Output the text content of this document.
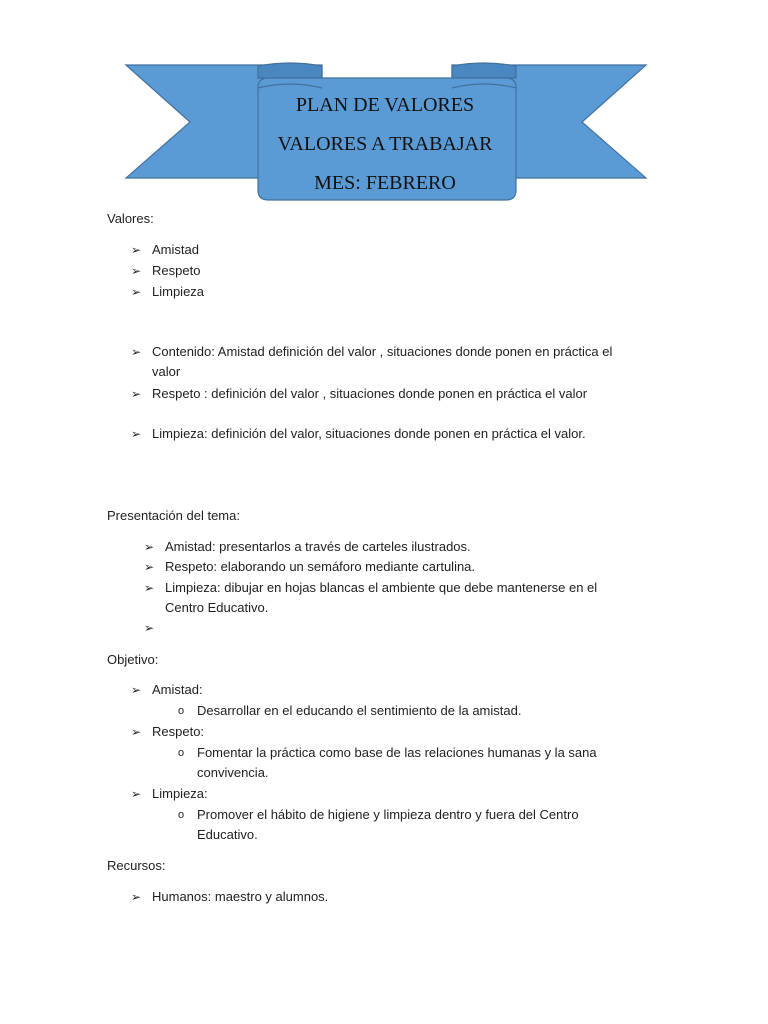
PLAN DE VALORES
VALORES A TRABAJAR
MES: FEBRERO
Valores:
➢ Amistad
➢ Respeto
➢ Limpieza
➢ Contenido: Amistad definición del valor , situaciones donde ponen en práctica el
valor
➢ Respeto : definición del valor , situaciones donde ponen en práctica el valor
➢ Limpieza: definición del valor, situaciones donde ponen en práctica el valor.
Presentación del tema:
➢ Amistad: presentarlos a través de carteles ilustrados.
➢ Respeto: elaborando un semáforo mediante cartulina.
➢ Limpieza: dibujar en hojas blancas el ambiente que debe mantenerse en el
Centro Educativo.
➢
Objetivo:
➢ Amistad:
o Desarrollar en el educando el sentimiento de la amistad.
➢ Respeto:
o Fomentar la práctica como base de las relaciones humanas y la sana
convivencia.
➢ Limpieza:
o Promover el hábito de higiene y limpieza dentro y fuera del Centro
Educativo.
Recursos:
➢ Humanos: maestro y alumnos.
